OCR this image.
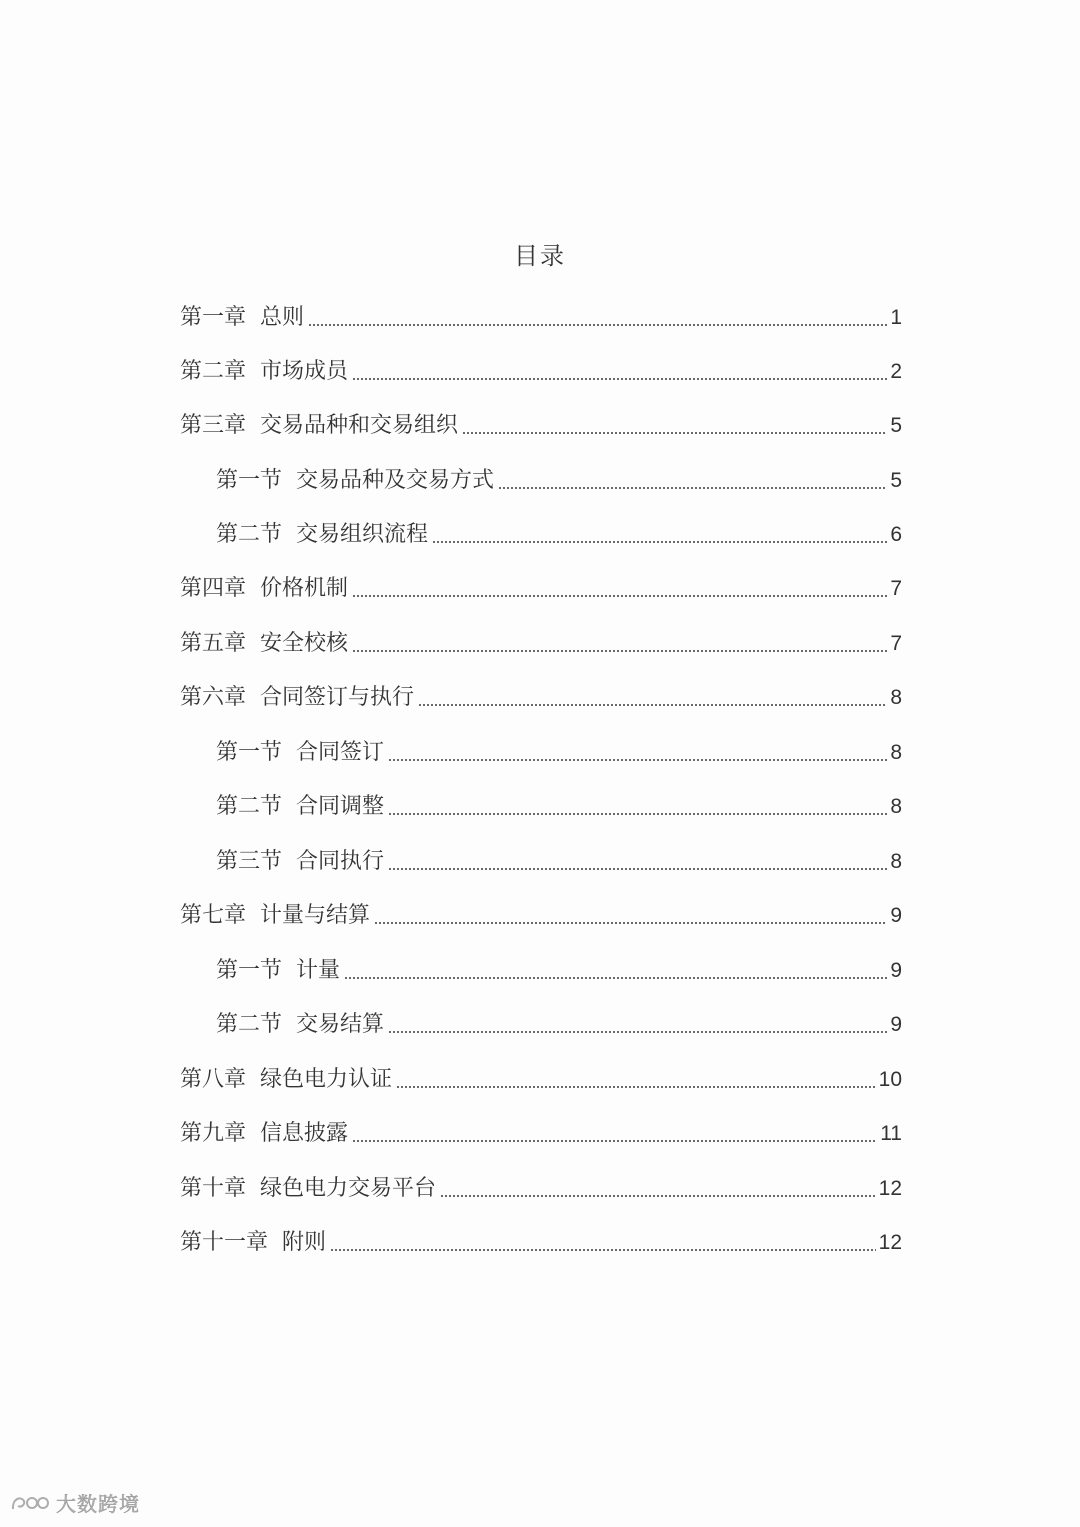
目录
第一章 总则	1
第二章 市场成员	2
第三章 交易品种和交易组织	5
第一节 交易品种及交易方式	5
第二节 交易组织流程	6
第四章 价格机制	7
第五章 安全校核	7
第六章 合同签订与执行	8
第一节 合同签订	8
第二节 合同调整	8
第三节 合同执行	8
第七章 计量与结算	9
第一节 计量	9
第二节 交易结算	9
第八章 绿色电力认证	10
第九章 信息披露	11
第十章 绿色电力交易平台	12
第十一章 附则	12
大数跨境
